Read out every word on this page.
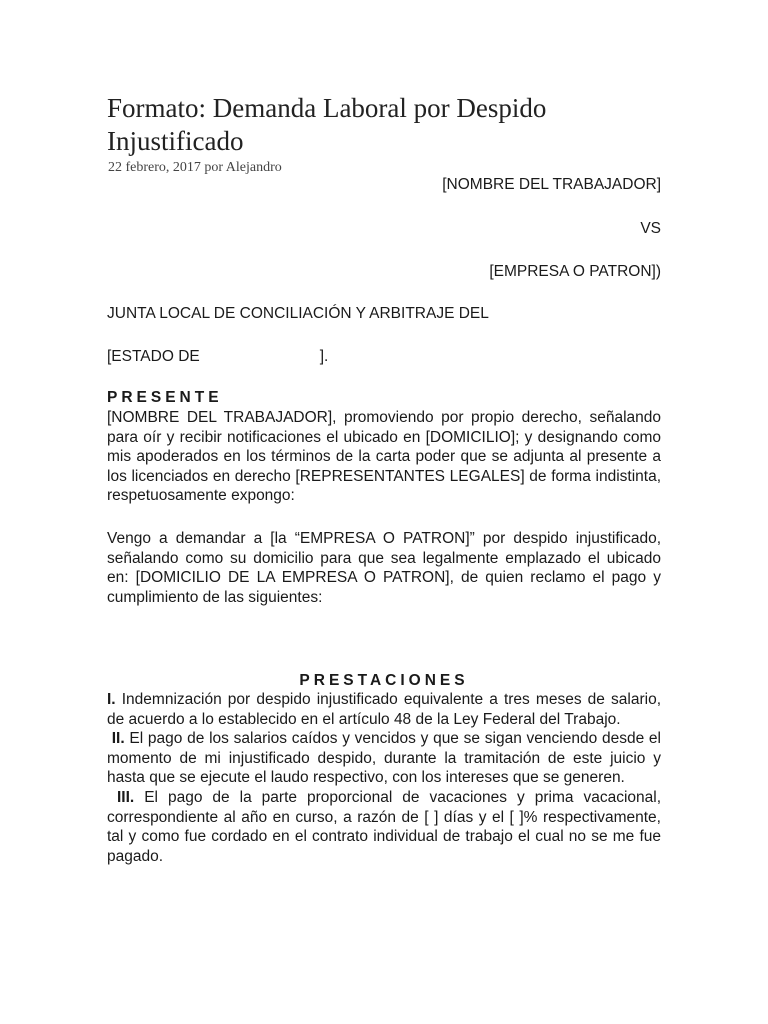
Formato: Demanda Laboral por Despido Injustificado
22 febrero, 2017 por Alejandro
[NOMBRE DEL TRABAJADOR]
VS
[EMPRESA O PATRON])
JUNTA LOCAL DE CONCILIACIÓN Y ARBITRAJE DEL
[ESTADO DE	].
PRESENTE

[NOMBRE DEL TRABAJADOR], promoviendo por propio derecho, señalando para oír y recibir notificaciones el ubicado en [DOMICILIO]; y designando como mis apoderados en los términos de la carta poder que se adjunta al presente a los licenciados en derecho [REPRESENTANTES LEGALES] de forma indistinta, respetuosamente expongo:

Vengo a demandar a [la “EMPRESA O PATRON]” por despido injustificado, señalando como su domicilio para que sea legalmente emplazado el ubicado en: [DOMICILIO DE LA EMPRESA O PATRON], de quien reclamo el pago y cumplimiento de las siguientes:

PRESTACIONES
I. Indemnización por despido injustificado equivalente a tres meses de salario, de acuerdo a lo establecido en el artículo 48 de la Ley Federal del Trabajo.
II. El pago de los salarios caídos y vencidos y que se sigan venciendo desde el momento de mi injustificado despido, durante la tramitación de este juicio y hasta que se ejecute el laudo respectivo, con los intereses que se generen.
III. El pago de la parte proporcional de vacaciones y prima vacacional, correspondiente al año en curso, a razón de [ ] días y el [ ]% respectivamente, tal y como fue cordado en el contrato individual de trabajo el cual no se me fue pagado.
